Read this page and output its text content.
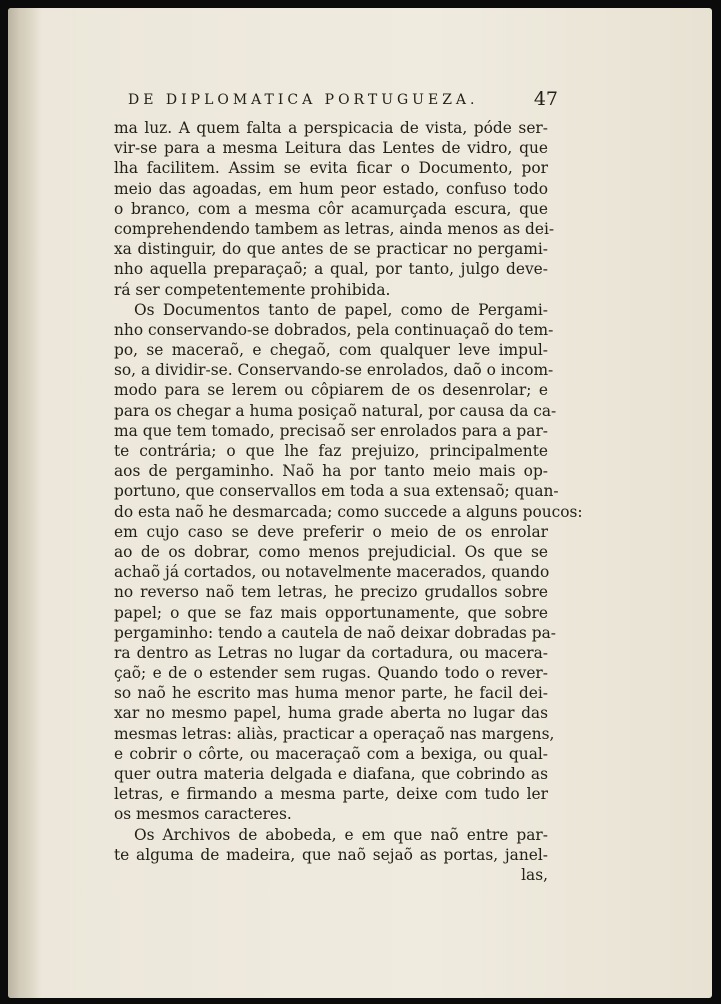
DE DIPLOMATICA PORTUGUEZA.	47
ma luz. A quem falta a perspicacia de vista, póde ser-
vir-se para a mesma Leitura das Lentes de vidro, que
lha facilitem. Assim se evita ficar o Documento, por
meio das agoadas, em hum peor estado, confuso todo
o branco, com a mesma côr acamurçada escura, que
comprehendendo tambem as letras, ainda menos as dei-
xa distinguir, do que antes de se practicar no pergami-
nho aquella preparaçaõ; a qual, por tanto, julgo deve-
rá ser competentemente prohibida.
Os Documentos tanto de papel, como de Pergami-
nho conservando-se dobrados, pela continuaçaõ do tem-
po, se maceraõ, e chegaõ, com qualquer leve impul-
so, a dividir-se. Conservando-se enrolados, daõ o incom-
modo para se lerem ou côpiarem de os desenrolar; e
para os chegar a huma posiçaõ natural, por causa da ca-
ma que tem tomado, precisaõ ser enrolados para a par-
te contrária; o que lhe faz prejuizo, principalmente
aos de pergaminho. Naõ ha por tanto meio mais op-
portuno, que conservallos em toda a sua extensaõ; quan-
do esta naõ he desmarcada; como succede a alguns poucos:
em cujo caso se deve preferir o meio de os enrolar
ao de os dobrar, como menos prejudicial. Os que se
achaõ já cortados, ou notavelmente macerados, quando
no reverso naõ tem letras, he precizo grudallos sobre
papel; o que se faz mais opportunamente, que sobre
pergaminho: tendo a cautela de naõ deixar dobradas pa-
ra dentro as Letras no lugar da cortadura, ou macera-
çaõ; e de o estender sem rugas. Quando todo o rever-
so naõ he escrito mas huma menor parte, he facil dei-
xar no mesmo papel, huma grade aberta no lugar das
mesmas letras: aliàs, practicar a operaçaõ nas margens,
e cobrir o côrte, ou maceraçaõ com a bexiga, ou qual-
quer outra materia delgada e diafana, que cobrindo as
letras, e firmando a mesma parte, deixe com tudo ler
os mesmos caracteres.
Os Archivos de abobeda, e em que naõ entre par-
te alguma de madeira, que naõ sejaõ as portas, janel-
las,
